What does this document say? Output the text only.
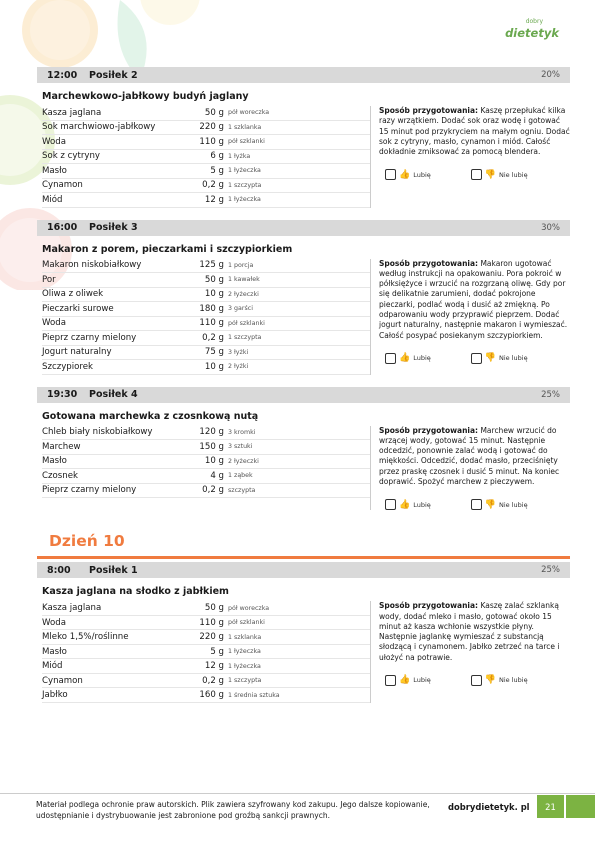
dobry
dietetyk
12:00	Posiłek 2	20%
Marchewkowo-jabłkowy budyń jaglany
Kasza jaglana	50 g pół woreczka
Sok marchwiowo-jabłkowy	220 g 1 szklanka
Woda	110 g pół szklanki
Sok z cytryny	6 g 1 łyżka
Masło	5 g 1 łyżeczka
Cynamon	0,2 g 1 szczypta
Miód	12 g 1 łyżeczka
Sposób przygotowania: Kaszę przepłukać kilka razy wrzątkiem. Dodać sok oraz wodę i gotować 15 minut pod przykryciem na małym ogniu. Dodać sok z cytryny, masło, cynamon i miód. Całość dokładnie zmiksować za pomocą blendera.
👍 Lubię	👎 Nie lubię
16:00	Posiłek 3	30%
Makaron z porem, pieczarkami i szczypiorkiem
Makaron niskobiałkowy	125 g 1 porcja
Por	50 g 1 kawałek
Oliwa z oliwek	10 g 2 łyżeczki
Pieczarki surowe	180 g 3 garści
Woda	110 g pół szklanki
Pieprz czarny mielony	0,2 g 1 szczypta
Jogurt naturalny	75 g 3 łyżki
Szczypiorek	10 g 2 łyżki
Sposób przygotowania: Makaron ugotować według instrukcji na opakowaniu. Pora pokroić w półksiężyce i wrzucić na rozgrzaną oliwę. Gdy por się delikatnie zarumieni, dodać pokrojone pieczarki, podlać wodą i dusić aż zmiękną. Po odparowaniu wody przyprawić pieprzem. Dodać jogurt naturalny, następnie makaron i wymieszać. Całość posypać posiekanym szczypiorkiem.
👍 Lubię	👎 Nie lubię
19:30	Posiłek 4	25%
Gotowana marchewka z czosnkową nutą
Chleb biały niskobiałkowy	120 g 3 kromki
Marchew	150 g 3 sztuki
Masło	10 g 2 łyżeczki
Czosnek	4 g 1 ząbek
Pieprz czarny mielony	0,2 g szczypta
Sposób przygotowania: Marchew wrzucić do wrzącej wody, gotować 15 minut. Następnie odcedzić, ponownie zalać wodą i gotować do miękkości. Odcedzić, dodać masło, przeciśnięty przez praskę czosnek i dusić 5 minut. Na koniec doprawić. Spożyć marchew z pieczywem.
👍 Lubię	👎 Nie lubię
Dzień 10
8:00	Posiłek 1	25%
Kasza jaglana na słodko z jabłkiem
Kasza jaglana	50 g pół woreczka
Woda	110 g pół szklanki
Mleko 1,5%/roślinne	220 g 1 szklanka
Masło	5 g 1 łyżeczka
Miód	12 g 1 łyżeczka
Cynamon	0,2 g 1 szczypta
Jabłko	160 g 1 średnia sztuka
Sposób przygotowania: Kaszę zalać szklanką wody, dodać mleko i masło, gotować około 15 minut aż kasza wchłonie wszystkie płyny. Następnie jaglankę wymieszać z substancją słodzącą i cynamonem. Jabłko zetrzeć na tarce i ułożyć na potrawie.
👍 Lubię	👎 Nie lubię
Materiał podlega ochronie praw autorskich. Plik zawiera szyfrowany kod zakupu. Jego dalsze kopiowanie, udostępnianie i dystrybuowanie jest zabronione pod groźbą sankcji prawnych.
dobrydietetyk. pl	21
